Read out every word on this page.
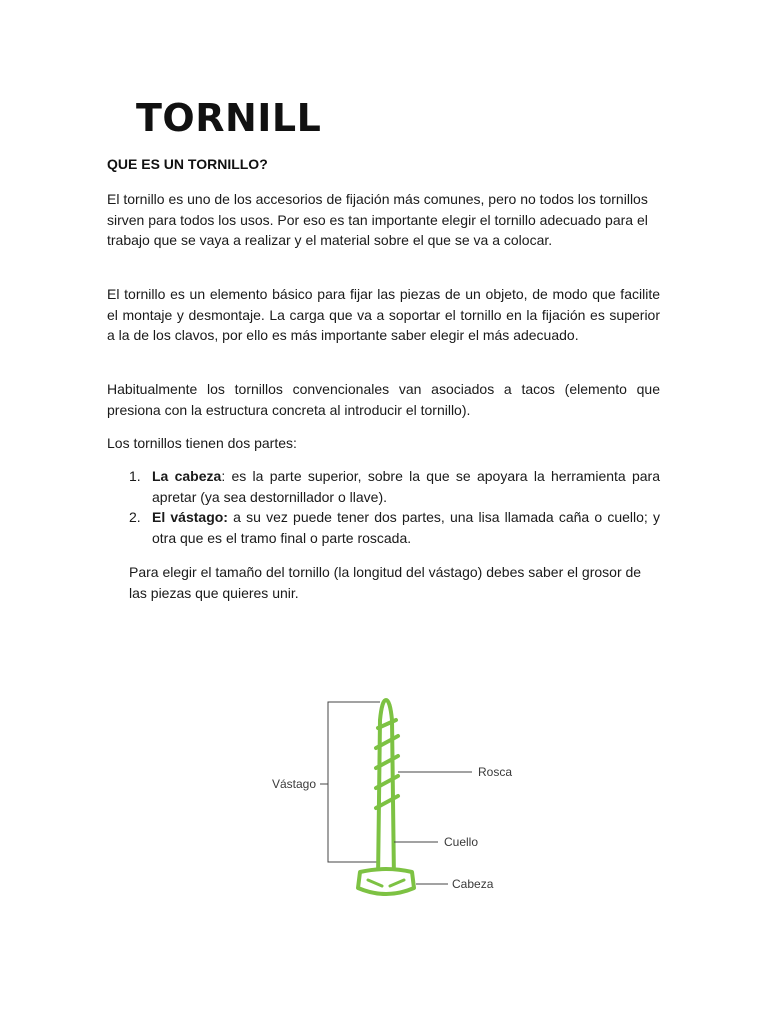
TORNILL
QUE ES UN TORNILLO?

El tornillo es uno de los accesorios de fijación más comunes, pero no todos los tornillos sirven para todos los usos. Por eso es tan importante elegir el tornillo adecuado para el trabajo que se vaya a realizar y el material sobre el que se va a colocar.

El tornillo es un elemento básico para fijar las piezas de un objeto, de modo que facilite el montaje y desmontaje. La carga que va a soportar el tornillo en la fijación es superior a la de los clavos, por ello es más importante saber elegir el más adecuado.

Habitualmente los tornillos convencionales van asociados a tacos (elemento que presiona con la estructura concreta al introducir el tornillo).

Los tornillos tienen dos partes:

1. La cabeza: es la parte superior, sobre la que se apoyara la herramienta para apretar (ya sea destornillador o llave).
2. El vástago: a su vez puede tener dos partes, una lisa llamada caña o cuello; y otra que es el tramo final o parte roscada.

Para elegir el tamaño del tornillo (la longitud del vástago) debes saber el grosor de las piezas que quieres unir.

Vástago
Rosca
Cuello
Cabeza
